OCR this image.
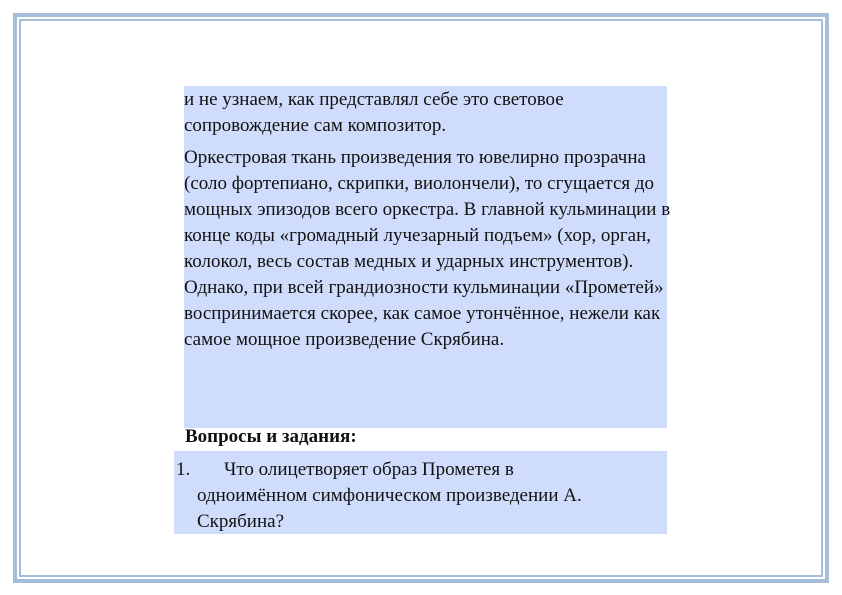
и не узнаем, как представлял себе это световое сопровождение сам композитор.

Оркестровая ткань произведения то ювелирно прозрачна (соло фортепиано, скрипки, виолончели), то сгущается до мощных эпизодов всего оркестра. В главной кульминации в конце коды «громадный лучезарный подъем» (хор, орган, колокол, весь состав медных и ударных инструментов). Однако, при всей грандиозности кульминации «Прометей» воспринимается скорее, как самое утончённое, нежели как самое мощное произведение Скрябина.

Вопросы и задания:

1. Что олицетворяет образ Прометея в
одноимённом симфоническом произведении А.
Скрябина?
